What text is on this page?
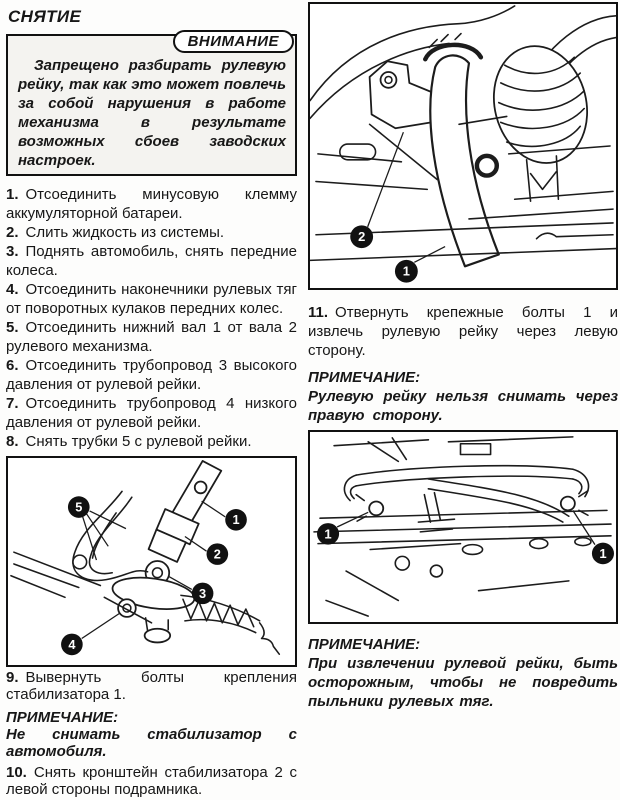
СНЯТИЕ
ВНИМАНИЕ

Запрещено разбирать рулевую рейку, так как это может повлечь за собой нарушения в работе механизма в результате возможных сбоев заводских настроек.

1. Отсоединить минусовую клемму аккумуляторной батареи.

2. Слить жидкость из системы.

3. Поднять автомобиль, снять передние колеса.

4. Отсоединить наконечники рулевых тяг от поворотных кулаков передних колес.

5. Отсоединить нижний вал 1 от вала 2 рулевого механизма.

6. Отсоединить трубопровод 3 высокого давления от рулевой рейки.

7. Отсоединить трубопровод 4 низкого давления от рулевой рейки.

8. Снять трубки 5 с рулевой рейки.

5
1
2
3
4

9. Вывернуть болты крепления стабилизатора 1.

ПРИМЕЧАНИЕ:
Не снимать стабилизатор с автомобиля.

10. Снять кронштейн стабилизатора 2 с левой стороны подрамника.

2
1

11. Отвернуть крепежные болты 1 и извлечь рулевую рейку через левую сторону.

ПРИМЕЧАНИЕ:
Рулевую рейку нельзя снимать через правую сторону.
1
1
ПРИМЕЧАНИЕ:
При извлечении рулевой рейки, быть осторожным, чтобы не повредить пыльники рулевых тяг.
